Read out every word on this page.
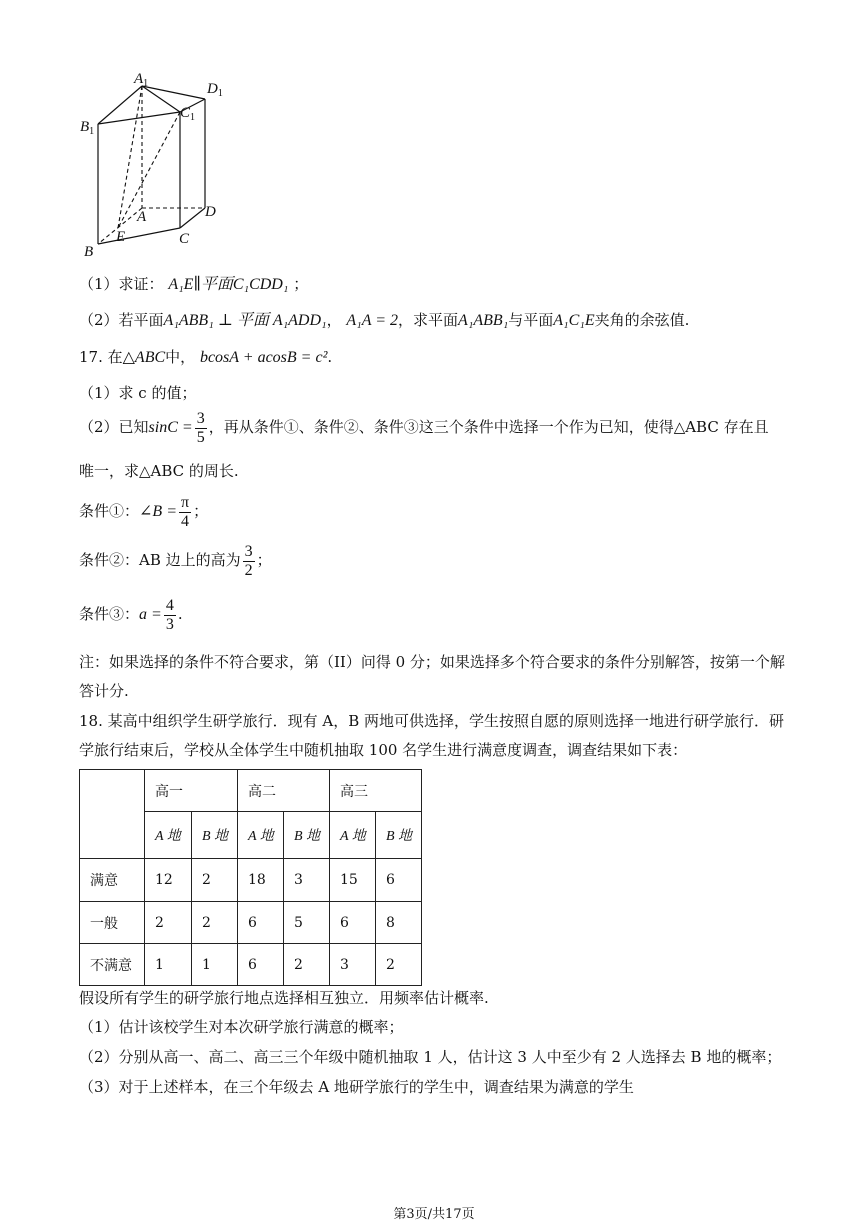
$A_1$	$D_1$
$B_1$
$C_1$
A	D
B
E	C
（1）求证： A₁E∥平面C₁CDD₁ ；
（2）若平面A₁ABB₁ ⊥ 平面 A₁ADD₁， A₁A = 2，求平面A₁ABB₁与平面A₁C₁E夹角的余弦值.
17. 在△ABC中， bcosA + acosB = c².
（1）求 c 的值；
（2）已知$\sin C = \frac{3}{5}$ ，再从条件①、条件②、条件③这三个条件中选择一个作为已知，使得△ABC 存在且
唯一，求△ABC 的周长.
条件①：∠B = $\frac{\pi}{4}$ ；
条件②：AB 边上的高为 $\frac{3}{2}$ ；
条件③：$a = \frac{4}{3}$ .
注：如果选择的条件不符合要求，第（II）问得 0 分；如果选择多个符合要求的条件分别解答，按第一个解
答计分.
18. 某高中组织学生研学旅行．现有 A，B 两地可供选择，学生按照自愿的原则选择一地进行研学旅行．研
学旅行结束后，学校从全体学生中随机抽取 100 名学生进行满意度调查，调查结果如下表：
	高一		高二		高三	
	A 地	B 地	A 地	B 地	A 地	B 地
满意	12	2	18	3	15	6
一般	2	2	6	5	6	8
不满意	1	1	6	2	3	2
假设所有学生的研学旅行地点选择相互独立．用频率估计概率.
（1）估计该校学生对本次研学旅行满意的概率；
（2）分别从高一、高二、高三三个年级中随机抽取 1 人，估计这 3 人中至少有 2 人选择去 B 地的概率；
（3）对于上述样本，在三个年级去 A 地研学旅行的学生中，调查结果为满意的学生
第3页/共17页
